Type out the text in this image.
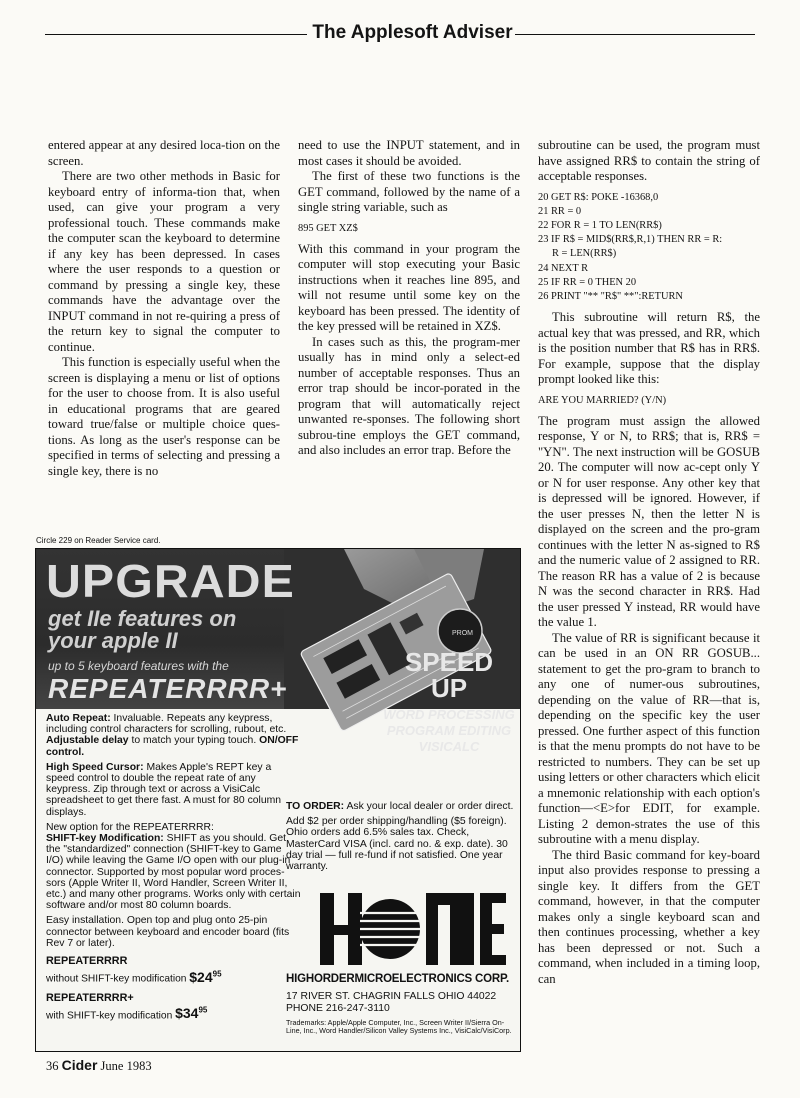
The Applesoft Adviser

entered appear at any desired loca-tion on the screen.

There are two other methods in Basic for keyboard entry of informa-tion that, when used, can give your program a very professional touch. These commands make the computer scan the keyboard to determine if any key has been depressed. In cases where the user responds to a question or command by pressing a single key, these commands have the advantage over the INPUT command in not re-quiring a press of the return key to signal the computer to continue.

This function is especially useful when the screen is displaying a menu or list of options for the user to choose from. It is also useful in educational programs that are geared toward true/false or multiple choice ques-tions. As long as the user's response can be specified in terms of selecting and pressing a single key, there is no

need to use the INPUT statement, and in most cases it should be avoided.

The first of these two functions is the GET command, followed by the name of a single string variable, such as

895 GET XZ$

With this command in your program the computer will stop executing your Basic instructions when it reaches line 895, and will not resume until some key on the keyboard has been pressed. The identity of the key pressed will be retained in XZ$.

In cases such as this, the program-mer usually has in mind only a select-ed number of acceptable responses. Thus an error trap should be incor-porated in the program that will automatically reject unwanted re-sponses. The following short subrou-tine employs the GET command, and also includes an error trap. Before the

subroutine can be used, the program must have assigned RR$ to contain the string of acceptable responses.

20 GET R$: POKE -16368,0
21 RR = 0
22 FOR R = 1 TO LEN(RR$)
23 IF R$ = MID$(RR$,R,1) THEN RR = R:
R = LEN(RR$)
24 NEXT R
25 IF RR = 0 THEN 20
26 PRINT "** "R$" **":RETURN

This subroutine will return R$, the actual key that was pressed, and RR, which is the position number that R$ has in RR$. For example, suppose that the display prompt looked like this:

ARE YOU MARRIED? (Y/N)

The program must assign the allowed response, Y or N, to RR$; that is, RR$ = "YN". The next instruction will be GOSUB 20. The computer will now ac-cept only Y or N for user response. Any other key that is depressed will be ignored. However, if the user presses N, then the letter N is displayed on the screen and the pro-gram continues with the letter N as-signed to R$ and the numeric value of 2 assigned to RR. The reason RR has a value of 2 is because N was the second character in RR$. Had the user pressed Y instead, RR would have the value 1.

The value of RR is significant because it can be used in an ON RR GOSUB... statement to get the pro-gram to branch to any one of numer-ous subroutines, depending on the value of RR—that is, depending on the specific key the user pressed. One further aspect of this function is that the menu prompts do not have to be restricted to numbers. They can be set up using letters or other characters which elicit a mnemonic relationship with each option's function—<E>for EDIT, for example. Listing 2 demon-strates the use of this subroutine with a menu display.

The third Basic command for key-board input also provides response to pressing a single key. It differs from the GET command, however, in that the computer makes only a single keyboard scan and then continues processing, whether a key has been depressed or not. Such a command, when included in a timing loop, can

Circle 229 on Reader Service card.
PROM
UPGRADE
get IIe features on
your apple II
up to 5 keyboard features with the
REPEATERRRR+
SPEED
UP
WORD PROCESSING
PROGRAM EDITING
VISICALC

Auto Repeat: Invaluable. Repeats any keypress, including control characters for scrolling, rubout, etc. Adjustable delay to match your typing touch. ON/OFF control.

High Speed Cursor: Makes Apple's REPT key a speed control to double the repeat rate of any keypress. Zip through text or across a VisiCalc spreadsheet to get there fast. A must for 80 column displays.

New option for the REPEATERRRR:
SHIFT-key Modification: SHIFT as you should. Get the "standardized" connection (SHIFT-key to Game I/O) while leaving the Game I/O open with our plug-in connector. Supported by most popular word proces-sors (Apple Writer II, Word Handler, Screen Writer II, etc.) and many other programs. Works only with certain software and/or most 80 column boards.

Easy installation. Open top and plug onto 25-pin connector between keyboard and encoder board (fits Rev 7 or later).

REPEATERRRR
without SHIFT-key modification $\$24^{95}$
REPEATERRRR+
with SHIFT-key modification $\$34^{95}$

TO ORDER: Ask your local dealer or order direct.

Add $2 per order shipping/handling ($5 foreign). Ohio orders add 6.5% sales tax. Check, MasterCard VISA (incl. card no. & exp. date). 30 day trial — full re-fund if not satisfied. One year warranty.

HIGHORDERMICROELECTRONICS CORP.
17 RIVER ST. CHAGRIN FALLS OHIO 44022
PHONE 216-247-3110
Trademarks: Apple/Apple Computer, Inc., Screen Writer II/Sierra On-Line, Inc., Word Handler/Silicon Valley Systems Inc., VisiCalc/VisiCorp.
36 Cider June 1983
